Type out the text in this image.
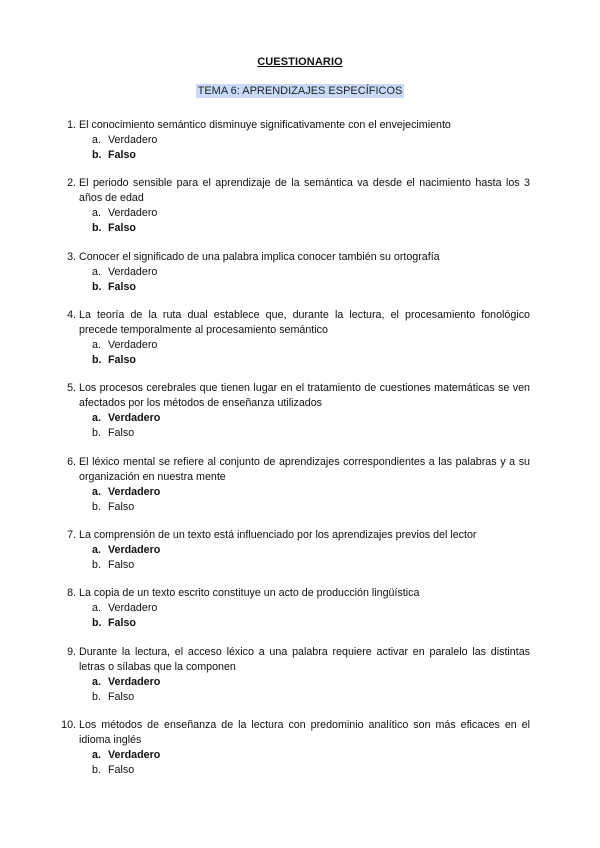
CUESTIONARIO
TEMA 6: APRENDIZAJES ESPECÍFICOS
1. El conocimiento semántico disminuye significativamente con el envejecimiento
a. Verdadero
b. Falso
2. El periodo sensible para el aprendizaje de la semántica va desde el nacimiento hasta los 3 años de edad
a. Verdadero
b. Falso
3. Conocer el significado de una palabra implica conocer también su ortografía
a. Verdadero
b. Falso
4. La teoría de la ruta dual establece que, durante la lectura, el procesamiento fonológico precede temporalmente al procesamiento semántico
a. Verdadero
b. Falso
5. Los procesos cerebrales que tienen lugar en el tratamiento de cuestiones matemáticas se ven afectados por los métodos de enseñanza utilizados
a. Verdadero
b. Falso
6. El léxico mental se refiere al conjunto de aprendizajes correspondientes a las palabras y a su organización en nuestra mente
a. Verdadero
b. Falso
7. La comprensión de un texto está influenciado por los aprendizajes previos del lector
a. Verdadero
b. Falso
8. La copia de un texto escrito constituye un acto de producción lingüística
a. Verdadero
b. Falso
9. Durante la lectura, el acceso léxico a una palabra requiere activar en paralelo las distintas letras o sílabas que la componen
a. Verdadero
b. Falso
10. Los métodos de enseñanza de la lectura con predominio analítico son más eficaces en el idioma inglés
a. Verdadero
b. Falso
